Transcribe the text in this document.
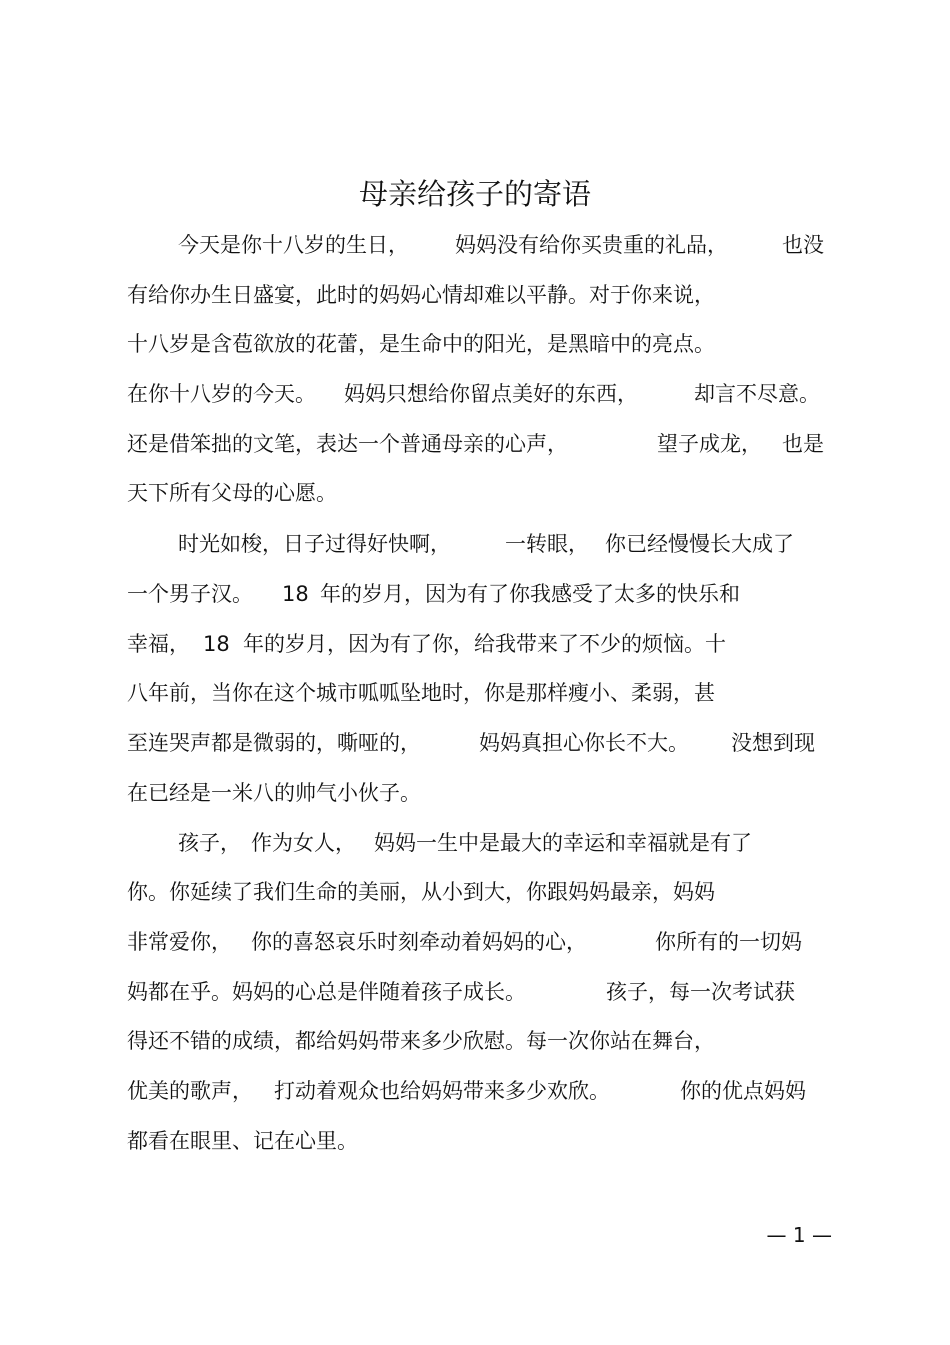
母亲给孩子的寄语
今天是你十八岁的生日， 妈妈没有给你买贵重的礼品，	也没
有给你办生日盛宴，此时的妈妈心情却难以平静。对于你来说，
十八岁是含苞欲放的花蕾，是生命中的阳光，是黑暗中的亮点。
在你十八岁的今天。 妈妈只想给你留点美好的东西，	却言不尽意。
还是借笨拙的文笔，表达一个普通母亲的心声，	望子成龙， 也是
天下所有父母的心愿。
时光如梭，日子过得好快啊，	一转眼， 你已经慢慢长大成了
一个男子汉。 18 年的岁月，因为有了你我感受了太多的快乐和
幸福， 18 年的岁月，因为有了你，给我带来了不少的烦恼。十
八年前，当你在这个城市呱呱坠地时，你是那样瘦小、柔弱，甚
至连哭声都是微弱的，嘶哑的，	妈妈真担心你长不大。 没想到现
在已经是一米八的帅气小伙子。
孩子， 作为女人， 妈妈一生中是最大的幸运和幸福就是有了
你。你延续了我们生命的美丽，从小到大，你跟妈妈最亲，妈妈
非常爱你， 你的喜怒哀乐时刻牵动着妈妈的心，	你所有的一切妈
妈都在乎。妈妈的心总是伴随着孩子成长。	孩子，每一次考试获
得还不错的成绩，都给妈妈带来多少欣慰。每一次你站在舞台，
优美的歌声， 打动着观众也给妈妈带来多少欢欣。	你的优点妈妈
都看在眼里、记在心里。
— 1 —
